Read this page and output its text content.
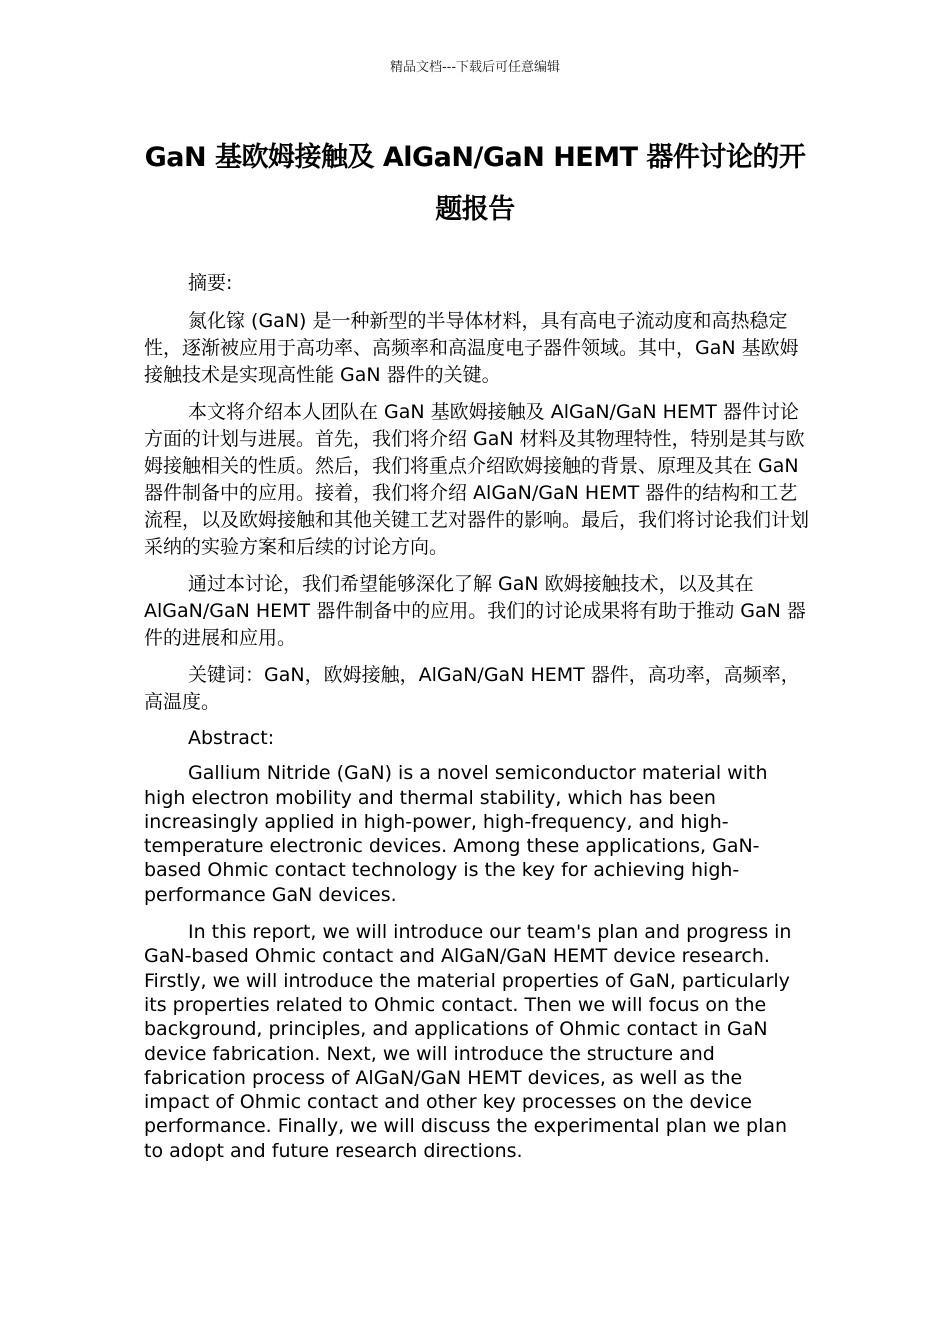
精品文档---下载后可任意编辑
GaN 基欧姆接触及 AlGaN/GaN HEMT 器件讨论的开题报告

摘要:

氮化镓 (GaN) 是一种新型的半导体材料，具有高电子流动度和高热稳定性，逐渐被应用于高功率、高频率和高温度电子器件领域。其中，GaN 基欧姆接触技术是实现高性能 GaN 器件的关键。

本文将介绍本人团队在 GaN 基欧姆接触及 AlGaN/GaN HEMT 器件讨论方面的计划与进展。首先，我们将介绍 GaN 材料及其物理特性，特别是其与欧姆接触相关的性质。然后，我们将重点介绍欧姆接触的背景、原理及其在 GaN 器件制备中的应用。接着，我们将介绍 AlGaN/GaN HEMT 器件的结构和工艺流程，以及欧姆接触和其他关键工艺对器件的影响。最后，我们将讨论我们计划采纳的实验方案和后续的讨论方向。

通过本讨论，我们希望能够深化了解 GaN 欧姆接触技术，以及其在 AlGaN/GaN HEMT 器件制备中的应用。我们的讨论成果将有助于推动 GaN 器件的进展和应用。

关键词：GaN，欧姆接触，AlGaN/GaN HEMT 器件，高功率，高频率，高温度。

Abstract:

Gallium Nitride (GaN) is a novel semiconductor material with high electron mobility and thermal stability, which has been increasingly applied in high-power, high-frequency, and high-temperature electronic devices. Among these applications, GaN-based Ohmic contact technology is the key for achieving high-performance GaN devices.

In this report, we will introduce our team's plan and progress in GaN-based Ohmic contact and AlGaN/GaN HEMT device research. Firstly, we will introduce the material properties of GaN, particularly its properties related to Ohmic contact. Then we will focus on the background, principles, and applications of Ohmic contact in GaN device fabrication. Next, we will introduce the structure and fabrication process of AlGaN/GaN HEMT devices, as well as the impact of Ohmic contact and other key processes on the device performance. Finally, we will discuss the experimental plan we plan to adopt and future research directions.
